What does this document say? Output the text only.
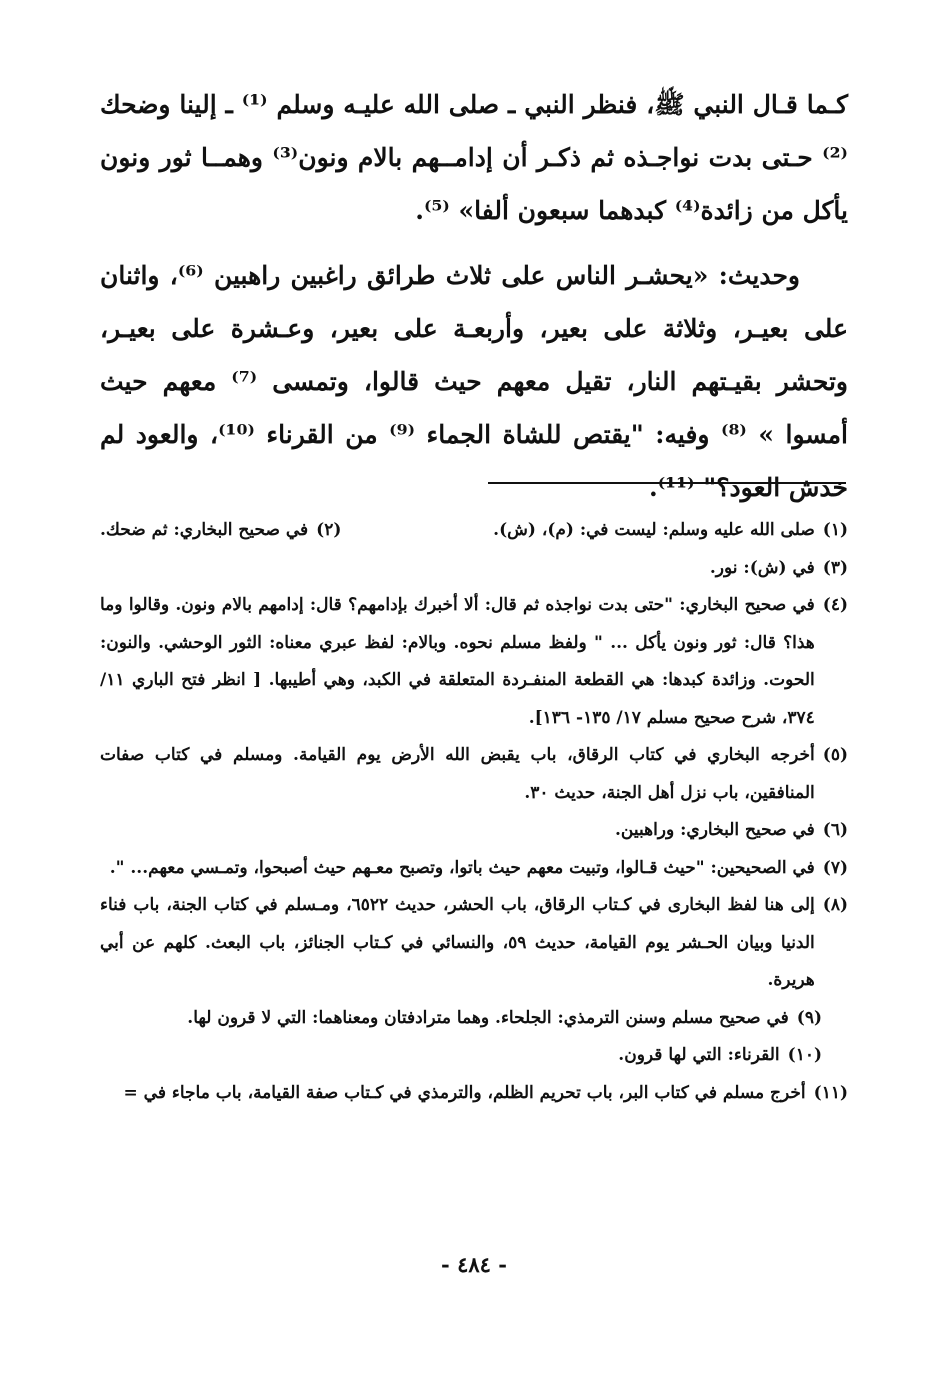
كـما قـال النبي ﷺ، فنظر النبي ـ صلى الله عليـه وسلم ⁽¹⁾ ـ إلينا وضحك ⁽²⁾ حـتى بدت نواجـذه ثم ذكـر أن إدامــهم بالام ونون⁽³⁾ وهمــا ثور ونون يأكل من زائدة⁽⁴⁾ كبدهما سبعون ألفا» ⁽⁵⁾.

وحديث: «يحشـر الناس على ثلاث طرائق راغبين راهبين ⁽⁶⁾، واثنان على بعيـر، وثلاثة على بعير، وأربعـة على بعير، وعـشرة على بعيـر، وتحشر بقيـتهم النار، تقيل معهم حيث قالوا، وتمسى ⁽⁷⁾ معهم حيث أمسوا » ⁽⁸⁾ وفيه: "يقتص للشاة الجماء ⁽⁹⁾ من القرناء ⁽¹⁰⁾، والعود لم خدش العود؟" ⁽¹¹⁾.

(١)
صلى الله عليه وسلم: ليست في: (م)، (ش).
(٢)
في صحيح البخاري: ثم ضحك.
(٣)
في (ش): نور.
(٤)
في صحيح البخاري: "حتى بدت نواجذه ثم قال: ألا أخبرك بإدامهم؟ قال: إدامهم بالام ونون. وقالوا وما هذا؟ قال: ثور ونون يأكل ... " ولفظ مسلم نحوه. وبالام: لفظ عبري معناه: الثور الوحشي. والنون: الحوت. وزائدة كبدها: هي القطعة المنفـردة المتعلقة في الكبد، وهي أطيبها. [ انظر فتح الباري ١١/ ٣٧٤، شرح صحيح مسلم ١٧/ ١٣٥- ١٣٦].
(٥)
أخرجه البخاري في كتاب الرقاق، باب يقبض الله الأرض يوم القيامة. ومسلم في كتاب صفات المنافقين، باب نزل أهل الجنة، حديث ٣٠.
(٦)
في صحيح البخاري: وراهبين.
(٧)
في الصحيحين: "حيث قـالوا، وتبيت معهم حيث باتوا، وتصبح معـهم حيث أصبحوا، وتمـسي معهم... ".
(٨)
إلى هنا لفظ البخارى في كـتاب الرقاق، باب الحشر، حديث ٦٥٢٢، ومـسلم في كتاب الجنة، باب فناء الدنيا وبيان الحـشر يوم القيامة، حديث ٥٩، والنسائي في كـتاب الجنائز، باب البعث. كلهم عن أبي هريرة.
(٩)
في صحيح مسلم وسنن الترمذي: الجلحاء. وهما مترادفتان ومعناهما: التي لا قرون لها.
(١٠)
القرناء: التي لها قرون.
(١١)
أخرج مسلم في كتاب البر، باب تحريم الظلم، والترمذي في كـتاب صفة القيامة، باب ماجاء في =
- ٤٨٤ -
